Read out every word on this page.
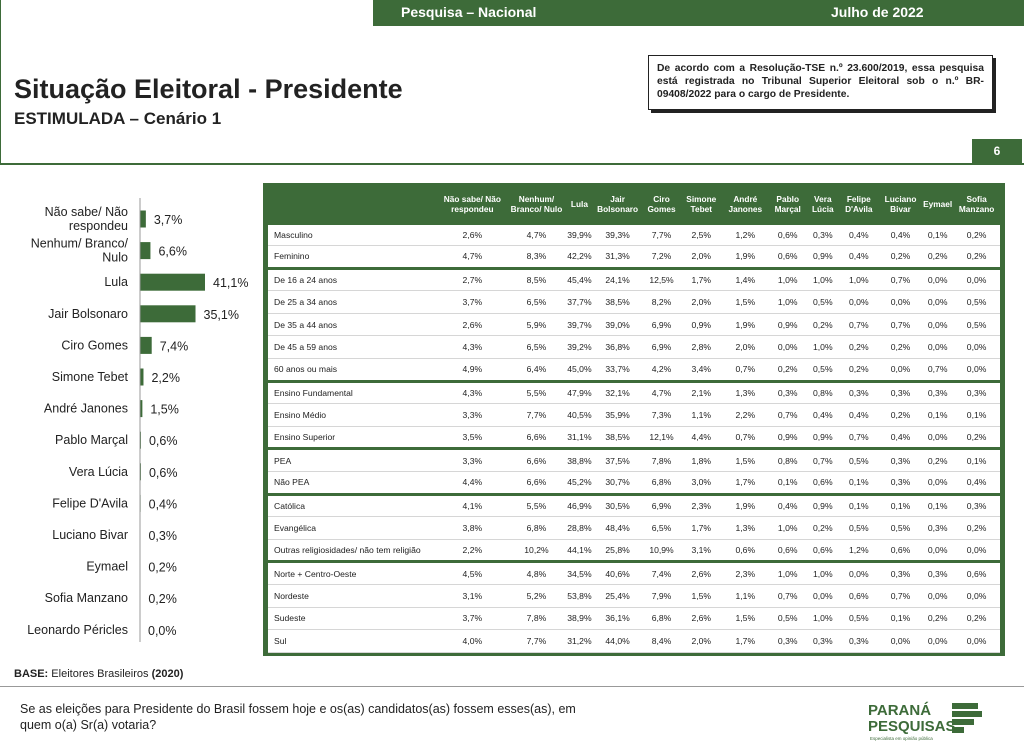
Pesquisa – Nacional	Julho de 2022
Situação Eleitoral - Presidente
ESTIMULADA – Cenário 1
De acordo com a Resolução-TSE n.º 23.600/2019, essa pesquisa está registrada no Tribunal Superior Eleitoral sob o n.º BR-09408/2022 para o cargo de Presidente.
6
Não sabe/ Não respondeu 3,7%
Nenhum/ Branco/ Nulo 6,6%
Lula	41,1%
Jair Bolsonaro	35,1%
Ciro Gomes	7,4%
Simone Tebet 2,2%
André Janones 1,5%
Pablo Marçal 0,6%
Vera Lúcia 0,6%
Felipe D'Avila 0,4%
Luciano Bivar 0,3%
Eymael 0,2%
Sofia Manzano 0,2%
Leonardo Péricles 0,0%
	Não sabe/ Não respondeu	Nenhum/ Branco/ Nulo	Lula	Jair Bolsonaro	Ciro Gomes	Simone Tebet	André Janones	Pablo Marçal	Vera Lúcia	Felipe D'Avila	Luciano Bivar	Eymael	Sofia Manzano
Masculino	2,6%	4,7%	39,9%	39,3%	7,7%	2,5%	1,2%	0,6%	0,3%	0,4%	0,4%	0,1%	0,2%
Feminino	4,7%	8,3%	42,2%	31,3%	7,2%	2,0%	1,9%	0,6%	0,9%	0,4%	0,2%	0,2%	0,2%
De 16 a 24 anos	2,7%	8,5%	45,4%	24,1%	12,5%	1,7%	1,4%	1,0%	1,0%	1,0%	0,7%	0,0%	0,0%
De 25 a 34 anos	3,7%	6,5%	37,7%	38,5%	8,2%	2,0%	1,5%	1,0%	0,5%	0,0%	0,0%	0,0%	0,5%
De 35 a 44 anos	2,6%	5,9%	39,7%	39,0%	6,9%	0,9%	1,9%	0,9%	0,2%	0,7%	0,7%	0,0%	0,5%
De 45 a 59 anos	4,3%	6,5%	39,2%	36,8%	6,9%	2,8%	2,0%	0,0%	1,0%	0,2%	0,2%	0,0%	0,0%
60 anos ou mais	4,9%	6,4%	45,0%	33,7%	4,2%	3,4%	0,7%	0,2%	0,5%	0,2%	0,0%	0,7%	0,0%
Ensino Fundamental	4,3%	5,5%	47,9%	32,1%	4,7%	2,1%	1,3%	0,3%	0,8%	0,3%	0,3%	0,3%	0,3%
Ensino Médio	3,3%	7,7%	40,5%	35,9%	7,3%	1,1%	2,2%	0,7%	0,4%	0,4%	0,2%	0,1%	0,1%
Ensino Superior	3,5%	6,6%	31,1%	38,5%	12,1%	4,4%	0,7%	0,9%	0,9%	0,7%	0,4%	0,0%	0,2%
PEA	3,3%	6,6%	38,8%	37,5%	7,8%	1,8%	1,5%	0,8%	0,7%	0,5%	0,3%	0,2%	0,1%
Não PEA	4,4%	6,6%	45,2%	30,7%	6,8%	3,0%	1,7%	0,1%	0,6%	0,1%	0,3%	0,0%	0,4%
Católica	4,1%	5,5%	46,9%	30,5%	6,9%	2,3%	1,9%	0,4%	0,9%	0,1%	0,1%	0,1%	0,3%
Evangélica	3,8%	6,8%	28,8%	48,4%	6,5%	1,7%	1,3%	1,0%	0,2%	0,5%	0,5%	0,3%	0,2%
Outras religiosidades/ não tem religião	2,2%	10,2%	44,1%	25,8%	10,9%	3,1%	0,6%	0,6%	0,6%	1,2%	0,6%	0,0%	0,0%
Norte + Centro-Oeste	4,5%	4,8%	34,5%	40,6%	7,4%	2,6%	2,3%	1,0%	1,0%	0,0%	0,3%	0,3%	0,6%
Nordeste	3,1%	5,2%	53,8%	25,4%	7,9%	1,5%	1,1%	0,7%	0,0%	0,6%	0,7%	0,0%	0,0%
Sudeste	3,7%	7,8%	38,9%	36,1%	6,8%	2,6%	1,5%	0,5%	1,0%	0,5%	0,1%	0,2%	0,2%
Sul	4,0%	7,7%	31,2%	44,0%	8,4%	2,0%	1,7%	0,3%	0,3%	0,3%	0,0%	0,0%	0,0%
BASE: Eleitores Brasileiros (2020)
Se as eleições para Presidente do Brasil fossem hoje e os(as) candidatos(as) fossem esses(as), em quem o(a) Sr(a) votaria?
PARANÁ
PESQUISAS
Especialista em opinião pública
